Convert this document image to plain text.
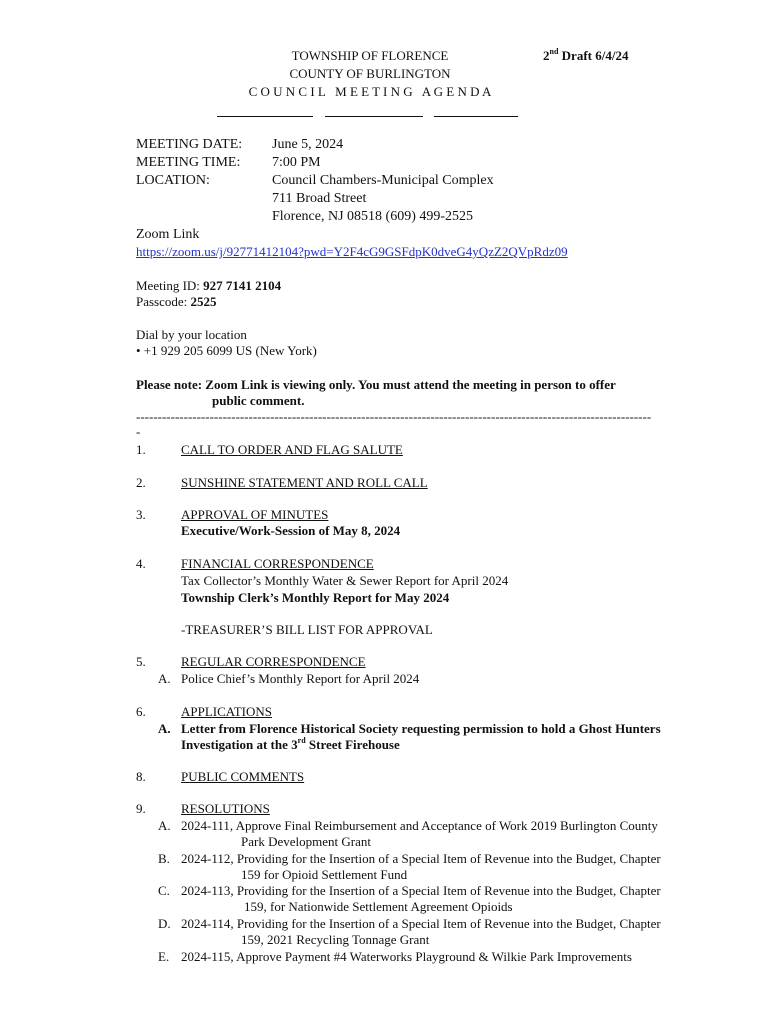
TOWNSHIP OF FLORENCE
COUNTY OF BURLINGTON
C O U N C I L   M E E T I N G   A G E N D A
2nd Draft 6/4/24
MEETING DATE: June 5, 2024
MEETING TIME: 7:00 PM
LOCATION:	Council Chambers-Municipal Complex
711 Broad Street
Florence, NJ 08518 (609) 499-2525
Zoom Link
https://zoom.us/j/92771412104?pwd=Y2F4cG9GSFdpK0dveG4yQzZ2QVpRdz09
Meeting ID: 927 7141 2104
Passcode: 2525
Dial by your location
• +1 929 205 6099 US (New York)
Please note: Zoom Link is viewing only. You must attend the meeting in person to offer
public comment.
-----------------------------------------------------------------------------------------------------------------------
-
1.	CALL TO ORDER AND FLAG SALUTE
2.	SUNSHINE STATEMENT AND ROLL CALL
3.	APPROVAL OF MINUTES
Executive/Work-Session of May 8, 2024
4.	FINANCIAL CORRESPONDENCE
Tax Collector’s Monthly Water & Sewer Report for April 2024
Township Clerk’s Monthly Report for May 2024
-TREASURER’S BILL LIST FOR APPROVAL
5.	REGULAR CORRESPONDENCE
A. Police Chief’s Monthly Report for April 2024
6.	APPLICATIONS
A. Letter from Florence Historical Society requesting permission to hold a Ghost Hunters
Investigation at the 3rd Street Firehouse
8.	PUBLIC COMMENTS
9.	RESOLUTIONS
A. 2024-111, Approve Final Reimbursement and Acceptance of Work 2019 Burlington County
Park Development Grant
B. 2024-112, Providing for the Insertion of a Special Item of Revenue into the Budget, Chapter
159 for Opioid Settlement Fund
C. 2024-113, Providing for the Insertion of a Special Item of Revenue into the Budget, Chapter
159, for Nationwide Settlement Agreement Opioids
D. 2024-114, Providing for the Insertion of a Special Item of Revenue into the Budget, Chapter
159, 2021 Recycling Tonnage Grant
E. 2024-115, Approve Payment #4 Waterworks Playground & Wilkie Park Improvements
